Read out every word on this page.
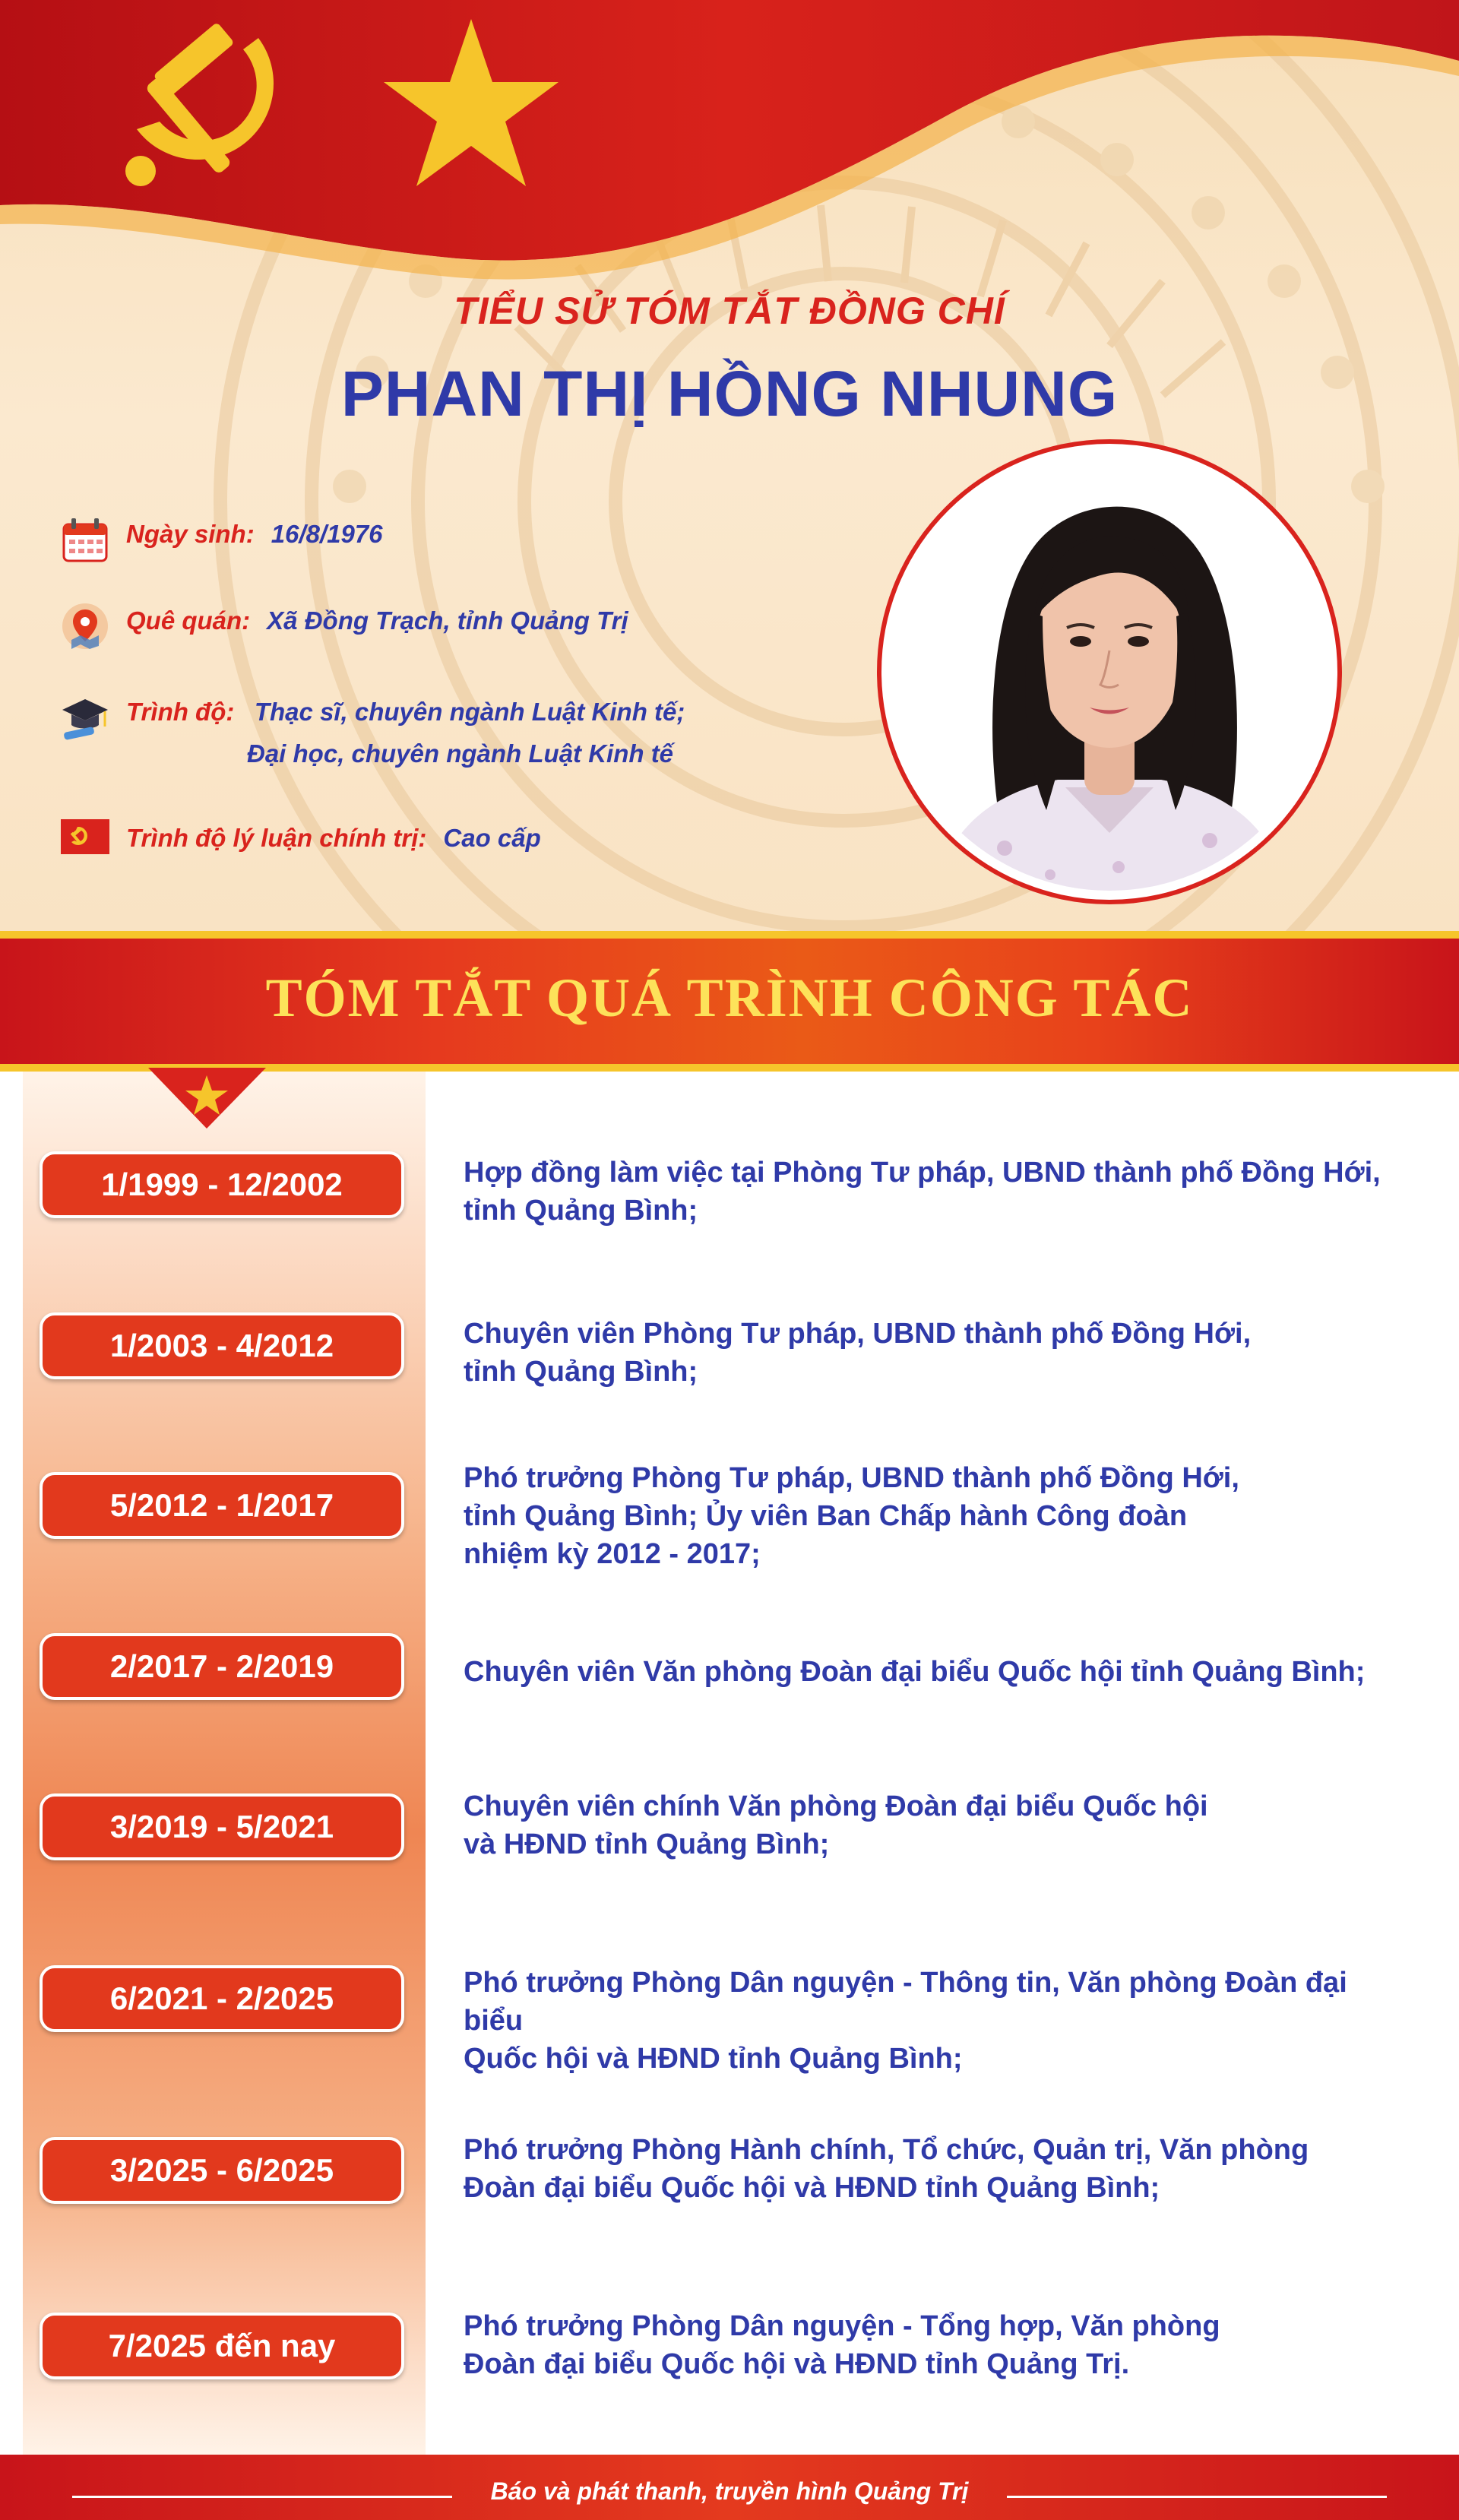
TIỂU SỬ TÓM TẮT ĐỒNG CHÍ
PHAN THỊ HỒNG NHUNG
Ngày sinh: 16/8/1976
Quê quán: Xã Đồng Trạch, tỉnh Quảng Trị
Trình độ: Thạc sĩ, chuyên ngành Luật Kinh tế;
Đại học, chuyên ngành Luật Kinh tế
Trình độ lý luận chính trị: Cao cấp
TÓM TẮT QUÁ TRÌNH CÔNG TÁC
1/1999 - 12/2002	Hợp đồng làm việc tại Phòng Tư pháp, UBND thành phố Đồng Hới,
tỉnh Quảng Bình;
1/2003 - 4/2012	Chuyên viên Phòng Tư pháp, UBND thành phố Đồng Hới,
tỉnh Quảng Bình;
5/2012 - 1/2017
Phó trưởng Phòng Tư pháp, UBND thành phố Đồng Hới,
tỉnh Quảng Bình; Ủy viên Ban Chấp hành Công đoàn
nhiệm kỳ 2012 - 2017;
2/2017 - 2/2019	Chuyên viên Văn phòng Đoàn đại biểu Quốc hội tỉnh Quảng Bình;
3/2019 - 5/2021
Chuyên viên chính Văn phòng Đoàn đại biểu Quốc hội
và HĐND tỉnh Quảng Bình;
6/2021 - 2/2025	Phó trưởng Phòng Dân nguyện - Thông tin, Văn phòng Đoàn đại biểu
Quốc hội và HĐND tỉnh Quảng Bình;
3/2025 - 6/2025
Phó trưởng Phòng Hành chính, Tổ chức, Quản trị, Văn phòng
Đoàn đại biểu Quốc hội và HĐND tỉnh Quảng Bình;
7/2025 đến nay
Phó trưởng Phòng Dân nguyện - Tổng hợp, Văn phòng
Đoàn đại biểu Quốc hội và HĐND tỉnh Quảng Trị.
Báo và phát thanh, truyền hình Quảng Trị
